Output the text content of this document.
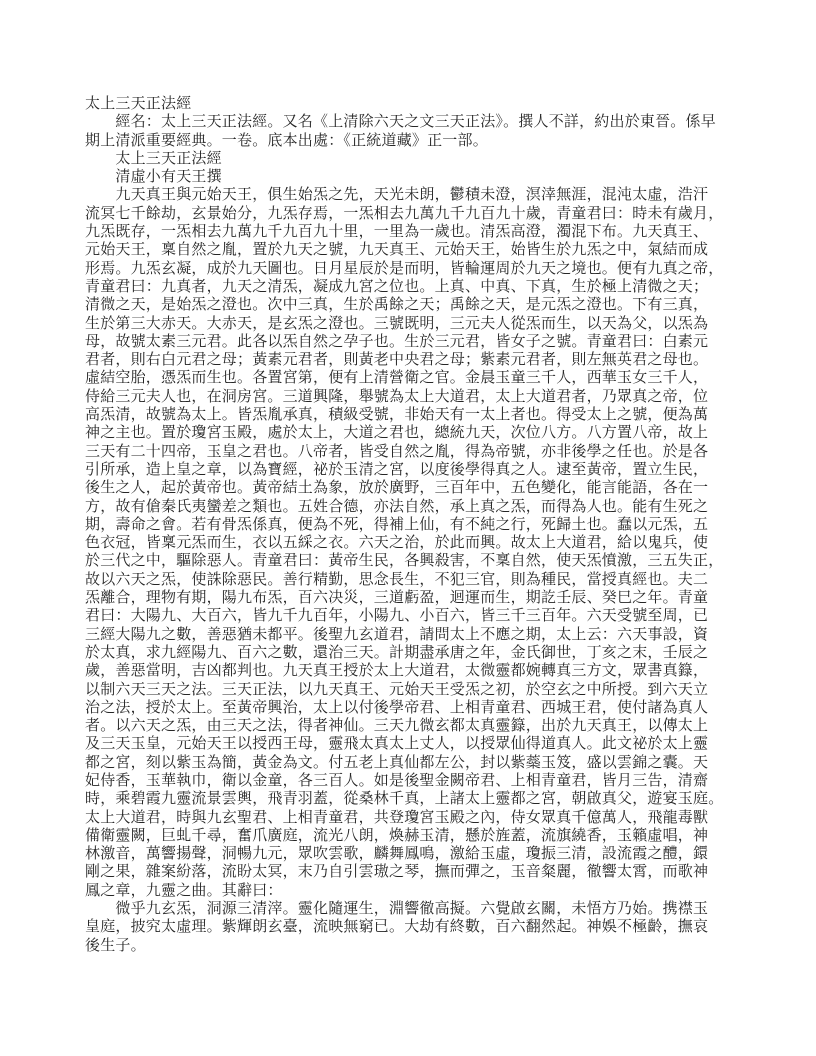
太上三天正法經
　　經名：太上三天正法經。又名《上清除六天之文三天正法》。撰人不詳，約出於東晉。係早
期上清派重要經典。一卷。底本出處：《正統道藏》正一部。
　　太上三天正法經
　　清虛小有天王撰
　　九天真王與元始天王，俱生始炁之先，天光未朗，鬱積未澄，溟涬無涯，混沌太虛，浩汗
流冥七千餘劫，玄景始分，九炁存焉，一炁相去九萬九千九百九十歲，青童君曰：時未有歲月，
九炁既存，一炁相去九萬九千九百九十里，一里為一歲也。清炁高澄，濁混下布。九天真王、
元始天王，稟自然之胤，置於九天之號，九天真王、元始天王，始皆生於九炁之中，氣結而成
形焉。九炁玄凝，成於九天圖也。日月星辰於是而明，皆輪運周於九天之境也。便有九真之帝，
青童君曰：九真者，九天之清炁，凝成九宮之位也。上真、中真、下真，生於極上清微之天；
清微之天，是始炁之澄也。次中三真，生於禹餘之天；禹餘之天，是元炁之澄也。下有三真，
生於第三大赤天。大赤天，是玄炁之澄也。三號既明，三元夫人從炁而生，以天為父，以炁為
母，故號太素三元君。此各以炁自然之孕子也。生於三元君，皆女子之號。青童君曰：白素元
君者，則右白元君之母；黃素元君者，則黃老中央君之母；紫素元君者，則左無英君之母也。
虛結空胎，憑炁而生也。各置宮第，便有上清營衛之官。金晨玉童三千人，西華玉女三千人，
侍給三元夫人也，在洞房宮。三道興隆，舉號為太上大道君，太上大道君者，乃眾真之帝，位
高炁清，故號為太上。皆炁胤承真，積級受號，非始天有一太上者也。得受太上之號，便為萬
神之主也。置於瓊宮玉殿，處於太上，大道之君也，總統九天，次位八方。八方置八帝，故上
三天有二十四帝，玉皇之君也。八帝者，皆受自然之胤，得為帝號，亦非後學之任也。於是各
引所承，造上皇之章，以為寶經，祕於玉清之宮，以度後學得真之人。逮至黃帝，置立生民，
後生之人，起於黃帝也。黃帝結土為象，放於廣野，三百年中，五色變化，能言能語，各在一
方，故有傖秦氏夷蠻差之類也。五姓合德，亦法自然，承上真之炁，而得為人也。能有生死之
期，壽命之會。若有骨炁係真，便為不死，得補上仙，有不純之行，死歸土也。蠢以元炁，五
色衣冠，皆稟元炁而生，衣以五綵之衣。六天之治，於此而興。故太上大道君，給以鬼兵，使
於三代之中，驅除惡人。青童君曰：黃帝生民，各興殺害，不稟自然，使天炁憤激，三五失正，
故以六天之炁，使誅除惡民。善行精勤，思念長生，不犯三官，則為種民，當授真經也。夫二
炁離合，理物有期，陽九布炁，百六决災，三道虧盈，迴運而生，期訖壬辰、癸巳之年。青童
君曰：大陽九、大百六，皆九千九百年，小陽九、小百六，皆三千三百年。六天受號至周，已
三經大陽九之數，善惡猶未都平。後聖九玄道君，請問太上不應之期，太上云：六天事設，資
於太真，求九經陽九、百六之數，還治三天。計期盡承唐之年，金氏御世，丁亥之末，壬辰之
歲，善惡當明，吉凶都判也。九天真王授於太上大道君，太微靈都婉轉真三方文，眾書真籙，
以制六天三天之法。三天正法，以九天真王、元始天王受炁之初，於空玄之中所授。到六天立
治之法，授於太上。至黃帝興治，太上以付後學帝君、上相青童君、西城王君，使付諸為真人
者。以六天之炁，由三天之法，得者神仙。三天九微玄都太真靈籙，出於九天真王，以傳太上
及三天玉皇，元始天王以授西王母，靈飛太真太上丈人，以授眾仙得道真人。此文祕於太上靈
都之宮，刻以紫玉為簡，黃金為文。付五老上真仙都左公，封以紫蘂玉笈，盛以雲錦之囊。天
妃侍香，玉華執巾，衛以金童，各三百人。如是後聖金闕帝君、上相青童君，皆月三告，清齋
時，乘碧霞九靈流景雲輿，飛青羽蓋，從桑林千真，上諸太上靈都之宮，朝啟真父，遊宴玉庭。
太上大道君，時與九玄聖君、上相青童君，共登瓊宮玉殿之內，侍女眾真千億萬人，飛龍毒獸
備衛靈闕，巨虬千尋，奮爪廣庭，流光八朗，煥赫玉清，懸於旌蓋，流旗繞香，玉籟虛唱，神
林激音，萬響揚聲，洞暢九元，眾吹雲歌，麟舞鳳鳴，激給玉虛，瓊振三清，設流霞之醴，鐶
剛之果，雜案紛落，流盼太冥，末乃自引雲璈之琴，撫而彈之，玉音粲麗，徹響太霄，而歌神
鳳之章，九靈之曲。其辭曰：
　　微乎九玄炁，洞源三清滓。靈化隨運生，淵響徹高擬。六覺啟玄關，未悟方乃始。携襟玉
皇庭，披究太虛理。紫輝朗玄臺，流映無窮已。大劫有終數，百六翻然起。神娛不極齡，撫哀
後生子。
